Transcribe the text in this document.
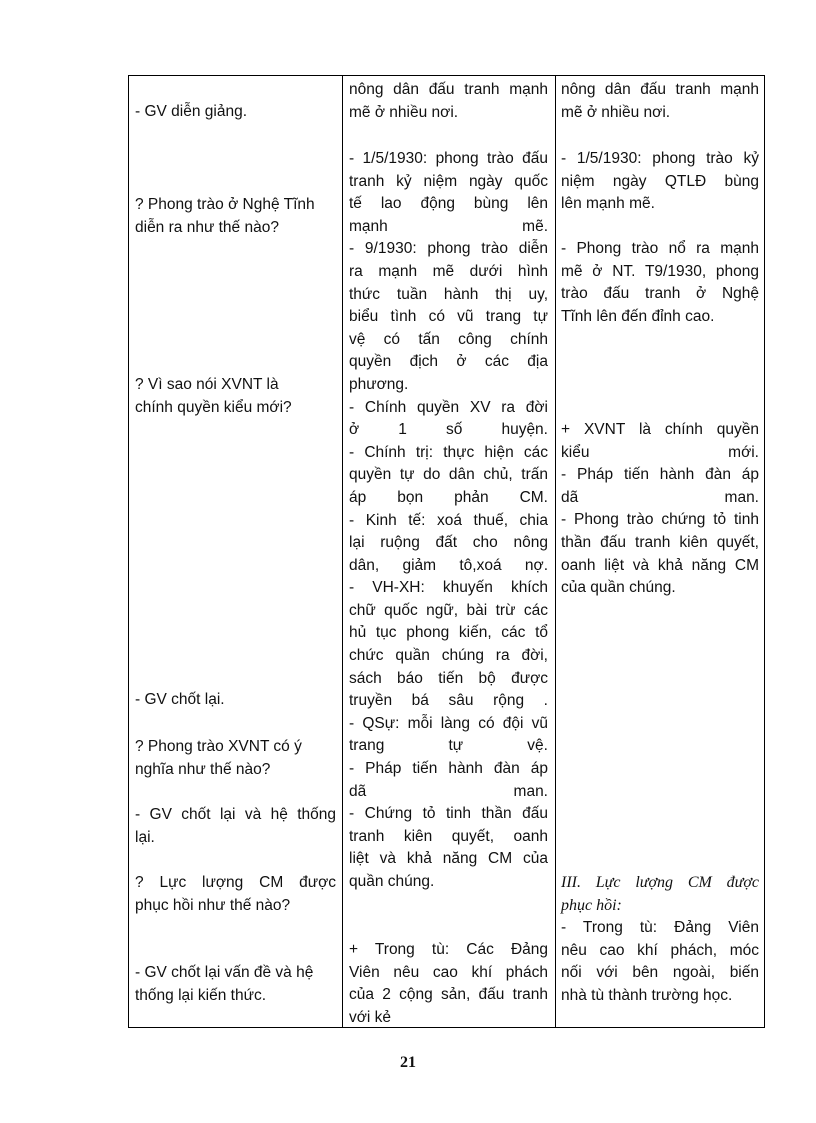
- GV diễn giảng.
? Phong trào ở Nghệ Tĩnh
diễn ra như thế nào?
? Vì sao nói XVNT là
chính quyền kiểu mới?
- GV chốt lại.
? Phong trào XVNT có ý
nghĩa như thế nào?
- GV chốt lại và hệ thống
lại.
? Lực lượng CM được
phục hồi như thế nào?
- GV chốt lại vấn đề và hệ
thống lại kiến thức.
nông dân đấu tranh mạnh
mẽ ở nhiều nơi.
- 1/5/1930: phong trào đấu
tranh kỷ niệm ngày quốc
tế lao động bùng lên
mạnh mẽ.
- 9/1930: phong trào diễn
ra mạnh mẽ dưới hình
thức tuần hành thị uy,
biểu tình có vũ trang tự
vệ có tấn công chính
quyền địch ở các địa
phương.
- Chính quyền XV ra đời
ở 1 số huyện.
- Chính trị: thực hiện các
quyền tự do dân chủ, trấn
áp bọn phản CM.
- Kinh tế: xoá thuế, chia
lại ruộng đất cho nông
dân, giảm tô,xoá nợ.
- VH-XH: khuyến khích
chữ quốc ngữ, bài trừ các
hủ tục phong kiến, các tổ
chức quần chúng ra đời,
sách báo tiến bộ được
truyền bá sâu rộng .
- QSự: mỗi làng có đội vũ
trang tự vệ.
- Pháp tiến hành đàn áp
dã man.
- Chứng tỏ tinh thần đấu
tranh kiên quyết, oanh
liệt và khả năng CM của
quần chúng.
+ Trong tù: Các Đảng
Viên nêu cao khí phách
của 2 cộng sản, đấu tranh
với kẻ
nông dân đấu tranh mạnh
mẽ ở nhiều nơi.
- 1/5/1930: phong trào kỷ
niệm ngày QTLĐ bùng
lên mạnh mẽ.
- Phong trào nổ ra mạnh
mẽ ở NT. T9/1930, phong
trào đấu tranh ở Nghệ
Tĩnh lên đến đỉnh cao.
+ XVNT là chính quyền
kiểu mới.
- Pháp tiến hành đàn áp
dã man.
- Phong trào chứng tỏ tinh
thần đấu tranh kiên quyết,
oanh liệt và khả năng CM
của quần chúng.
III. Lực lượng CM được
phục hồi:
- Trong tù: Đảng Viên
nêu cao khí phách, móc
nối với bên ngoài, biến
nhà tù thành trường học.
21
